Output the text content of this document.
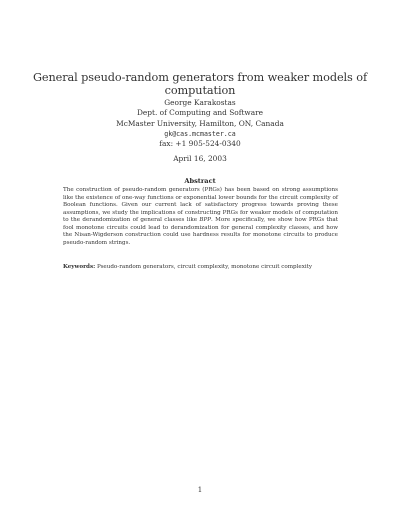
General pseudo-random generators from weaker models of computation
George Karakostas
Dept. of Computing and Software
McMaster University, Hamilton, ON, Canada
gk@cas.mcmaster.ca
fax: +1 905-524-0340
April 16, 2003
Abstract

The construction of pseudo-random generators (PRGs) has been based on strong assumptions like the existence of one-way functions or exponential lower bounds for the circuit complexity of Boolean functions. Given our current lack of satisfactory progress towards proving these assumptions, we study the implications of constructing PRGs for weaker models of computation to the derandomization of general classes like BPP. More specifically, we show how PRGs that fool monotone circuits could lead to derandomization for general complexity classes, and how the Nisan-Wigderson construction could use hardness results for monotone circuits to produce pseudo-random strings.

Keywords: Pseudo-random generators, circuit complexity, monotone circuit complexity
1
